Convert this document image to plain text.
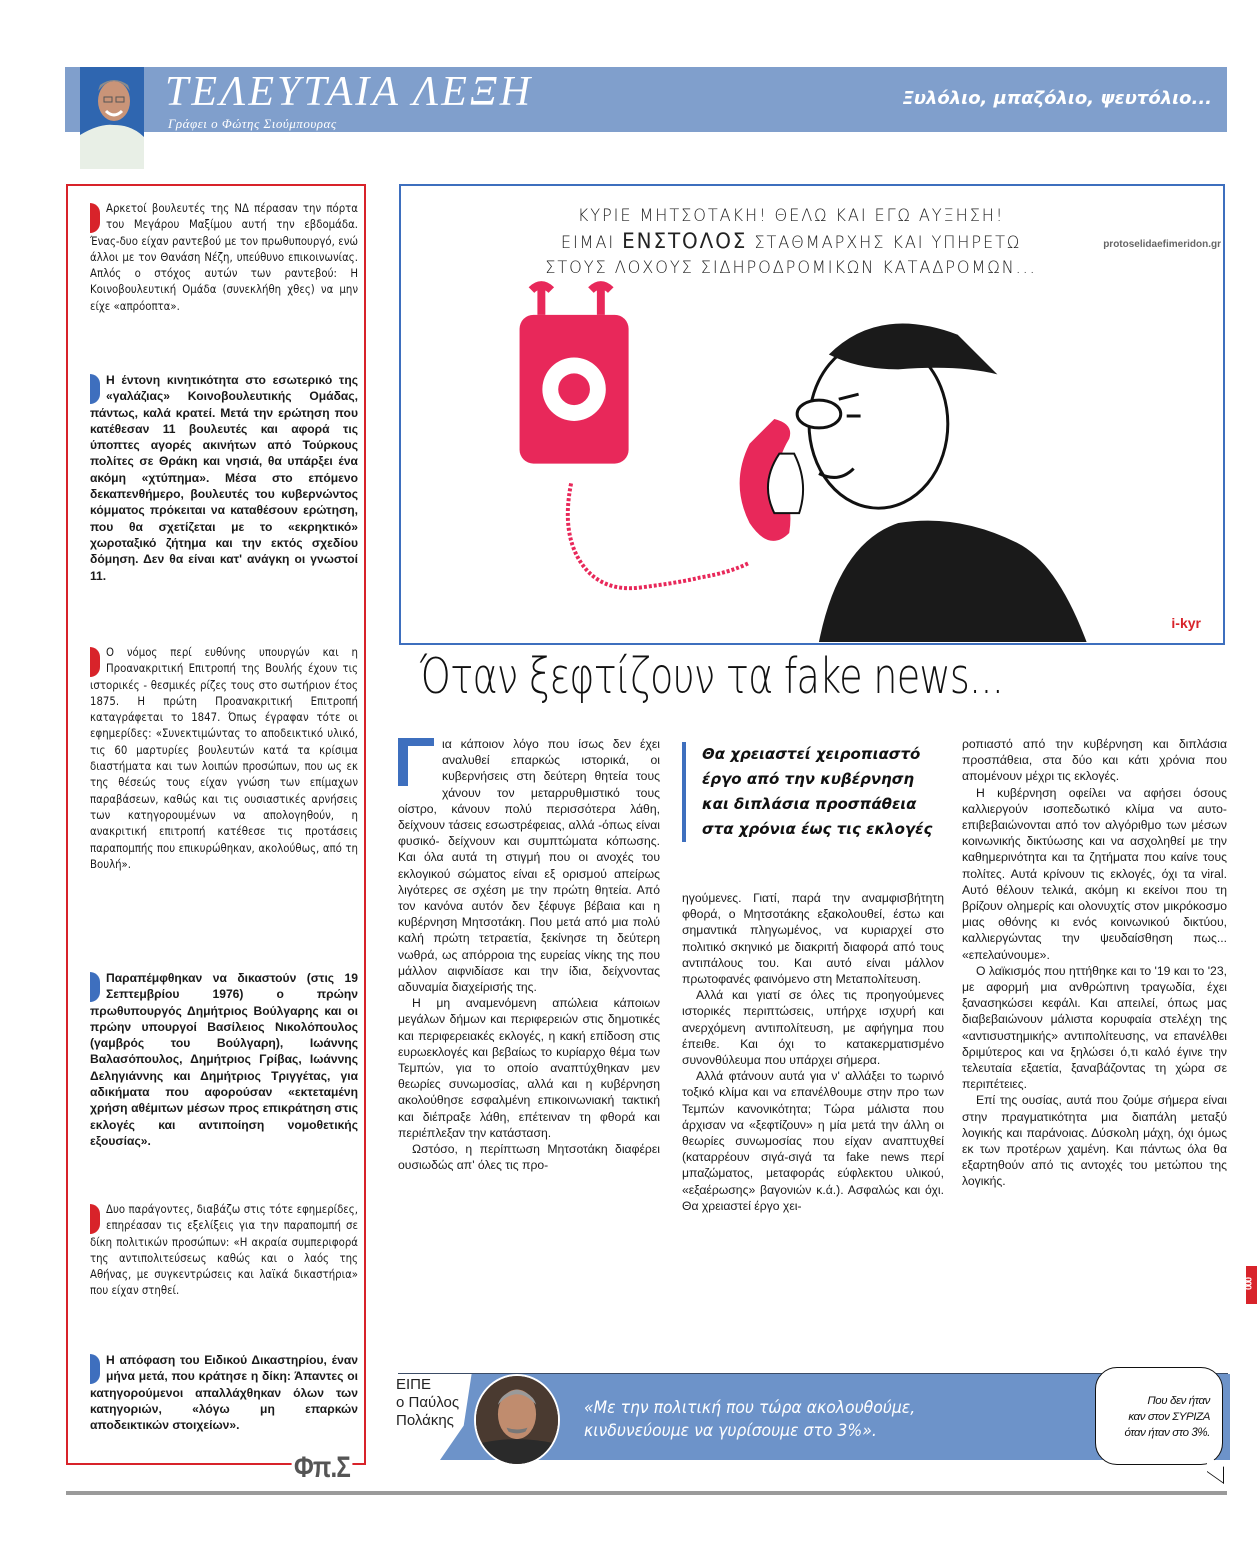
ΤΕΛΕΥΤΑΙΑ ΛΕΞΗ
Γράφει ο Φώτης Σιούμπουρας
Ξυλόλιο, μπαζόλιο, ψευτόλιο...
Αρκετοί βουλευτές της ΝΔ πέρασαν την πόρτα του Μεγάρου Μαξίμου αυτή την εβδομάδα. Ένας-δυο είχαν ραντεβού με τον πρωθυπουργό, ενώ άλλοι με τον Θανάση Νέζη, υπεύθυνο επικοινωνίας. Απλός ο στόχος αυτών των ραντεβού: Η Κοινοβουλευτική Ομάδα (συνεκλήθη χθες) να μην είχε «απρόοπτα».
Η έντονη κινητικότητα στο εσωτερικό της «γαλάζιας» Κοινοβουλευτικής Ομάδας, πάντως, καλά κρατεί. Μετά την ερώτηση που κατέθεσαν 11 βουλευτές και αφορά τις ύποπτες αγορές ακινήτων από Τούρκους πολίτες σε Θράκη και νησιά, θα υπάρξει ένα ακόμη «χτύπημα». Μέσα στο επόμενο δεκαπενθήμερο, βουλευτές του κυβερνώντος κόμματος πρόκειται να καταθέσουν ερώτηση, που θα σχετίζεται με το «εκρηκτικό» χωροταξικό ζήτημα και την εκτός σχεδίου δόμηση. Δεν θα είναι κατ' ανάγκη οι γνωστοί 11.
Ο νόμος περί ευθύνης υπουργών και η Προανακριτική Επιτροπή της Βουλής έχουν τις ιστορικές - θεσμικές ρίζες τους στο σωτήριον έτος 1875. Η πρώτη Προανακριτική Επιτροπή καταγράφεται το 1847. Όπως έγραφαν τότε οι εφημερίδες: «Συνεκτιμώντας το αποδεικτικό υλικό, τις 60 μαρτυρίες βουλευτών κατά τα κρίσιμα διαστήματα και των λοιπών προσώπων, που ως εκ της θέσεώς τους είχαν γνώση των επίμαχων παραβάσεων, καθώς και τις ουσιαστικές αρνήσεις των κατηγορουμένων να απολογηθούν, η ανακριτική επιτροπή κατέθεσε τις προτάσεις παραπομπής που επικυρώθηκαν, ακολούθως, από τη Βουλή».
Παραπέμφθηκαν να δικαστούν (στις 19 Σεπτεμβρίου 1976) ο πρώην πρωθυπουργός Δημήτριος Βούλγαρης και οι πρώην υπουργοί Βασίλειος Νικολόπουλος (γαμβρός του Βούλγαρη), Ιωάννης Βαλασόπουλος, Δημήτριος Γρίβας, Ιωάννης Δεληγιάννης και Δημήτριος Τριγγέτας, για αδικήματα που αφορούσαν «εκτεταμένη χρήση αθέμιτων μέσων προς επικράτηση στις εκλογές και αντιποίηση νομοθετικής εξουσίας».
Δυο παράγοντες, διαβάζω στις τότε εφημερίδες, επηρέασαν τις εξελίξεις για την παραπομπή σε δίκη πολιτικών προσώπων: «Η ακραία συμπεριφορά της αντιπολιτεύσεως καθώς και ο λαός της Αθήνας, με συγκεντρώσεις και λαϊκά δικαστήρια» που είχαν στηθεί.
Η απόφαση του Ειδικού Δικαστηρίου, έναν μήνα μετά, που κράτησε η δίκη: Άπαντες οι κατηγορούμενοι απαλλάχθηκαν όλων των κατηγοριών, «λόγω μη επαρκών αποδεικτικών στοιχείων».
Φπ.Σ
ΚΥΡΙΕ ΜΗΤΣΟΤΑΚΗ! ΘΕΛΩ ΚΑΙ ΕΓΩ ΑΥΞΗΣΗ!
ΕΙΜΑΙ ΕΝΣΤΟΛΟΣ ΣΤΑΘΜΑΡΧΗΣ ΚΑΙ ΥΠΗΡΕΤΩ
ΣΤΟΥΣ ΛΟΧΟΥΣ ΣΙΔΗΡΟΔΡΟΜΙΚΩΝ ΚΑΤΑΔΡΟΜΩΝ...
protoselidaefimeridon.gr
i-kyr
Όταν ξεφτίζουν τα fake news...

ια κάποιον λόγο που ίσως δεν έχει αναλυθεί επαρκώς ιστορικά, οι κυβερνήσεις στη δεύτερη θητεία τους χάνουν τον μεταρρυθμιστικό τους οίστρο, κάνουν πολύ περισσότερα λάθη, δείχνουν τάσεις εσωστρέφειας, αλλά -όπως είναι φυσικό- δείχνουν και συμπτώματα κόπωσης. Και όλα αυτά τη στιγμή που οι ανοχές του εκλογικού σώματος είναι εξ ορισμού απείρως λιγότερες σε σχέση με την πρώτη θητεία. Από τον κανόνα αυτόν δεν ξέφυγε βέβαια και η κυβέρνηση Μητσοτάκη. Που μετά από μια πολύ καλή πρώτη τετραετία, ξεκίνησε τη δεύτερη νωθρά, ως απόρροια της ευρείας νίκης της που μάλλον αιφνιδίασε και την ίδια, δείχνοντας αδυναμία διαχείρισής της.

Η μη αναμενόμενη απώλεια κάποιων μεγάλων δήμων και περιφερειών στις δημοτικές και περιφερειακές εκλογές, η κακή επίδοση στις ευρωεκλογές και βεβαίως το κυρίαρχο θέμα των Τεμπών, για το οποίο αναπτύχθηκαν μεν θεωρίες συνωμοσίας, αλλά και η κυβέρνηση ακολούθησε εσφαλμένη επικοινωνιακή τακτική και διέπραξε λάθη, επέτειναν τη φθορά και περιέπλεξαν την κατάσταση.

Ωστόσο, η περίπτωση Μητσοτάκη διαφέρει ουσιωδώς απ' όλες τις προ-

Θα χρειαστεί χειροπιαστό έργο από την κυβέρνηση και διπλάσια προσπάθεια στα χρόνια έως τις εκλογές

ηγούμενες. Γιατί, παρά την αναμφισβήτητη φθορά, ο Μητσοτάκης εξακολουθεί, έστω και σημαντικά πληγωμένος, να κυριαρχεί στο πολιτικό σκηνικό με διακριτή διαφορά από τους αντιπάλους του. Και αυτό είναι μάλλον πρωτοφανές φαινόμενο στη Μεταπολίτευση.

Αλλά και γιατί σε όλες τις προηγούμενες ιστορικές περιπτώσεις, υπήρχε ισχυρή και ανερχόμενη αντιπολίτευση, με αφήγημα που έπειθε. Και όχι το κατακερματισμένο συνονθύλευμα που υπάρχει σήμερα.

Αλλά φτάνουν αυτά για ν' αλλάξει το τωρινό τοξικό κλίμα και να επανέλθουμε στην προ των Τεμπών κανονικότητα; Τώρα μάλιστα που άρχισαν να «ξεφτίζουν» η μία μετά την άλλη οι θεωρίες συνωμοσίας που είχαν αναπτυχθεί (καταρρέουν σιγά-σιγά τα fake news περί μπαζώματος, μεταφοράς εύφλεκτου υλικού, «εξαέρωσης» βαγονιών κ.ά.). Ασφαλώς και όχι. Θα χρειαστεί έργο χει-

ροπιαστό από την κυβέρνηση και διπλάσια προσπάθεια, στα δύο και κάτι χρόνια που απομένουν μέχρι τις εκλογές.

Η κυβέρνηση οφείλει να αφήσει όσους καλλιεργούν ισοπεδωτικό κλίμα να αυτο-επιβεβαιώνονται από τον αλγόριθμο των μέσων κοινωνικής δικτύωσης και να ασχοληθεί με την καθημερινότητα και τα ζητήματα που καίνε τους πολίτες. Αυτά κρίνουν τις εκλογές, όχι τα viral. Αυτό θέλουν τελικά, ακόμη κι εκείνοι που τη βρίζουν ολημερίς και ολονυχτίς στον μικρόκοσμο μιας οθόνης κι ενός κοινωνικού δικτύου, καλλιεργώντας την ψευδαίσθηση πως... «επελαύνουμε».

Ο λαϊκισμός που ηττήθηκε και το '19 και το '23, με αφορμή μια ανθρώπινη τραγωδία, έχει ξανασηκώσει κεφάλι. Και απειλεί, όπως μας διαβεβαιώνουν μάλιστα κορυφαία στελέχη της «αντισυστημικής» αντιπολίτευσης, να επανέλθει δριμύτερος και να ξηλώσει ό,τι καλό έγινε την τελευταία εξαετία, ξαναβάζοντας τη χώρα σε περιπέτειες.

Επί της ουσίας, αυτά που ζούμε σήμερα είναι στην πραγματικότητα μια διαπάλη μεταξύ λογικής και παράνοιας. Δύσκολη μάχη, όχι όμως εκ των προτέρων χαμένη. Και πάντως όλα θα εξαρτηθούν από τις αντοχές του μετώπου της λογικής.

ΕΙΠΕ
ο Παύλος
Πολάκης
«Με την πολιτική που τώρα ακολουθούμε,
κινδυνεύουμε να γυρίσουμε στο 3%».
Που δεν ήταν
καν στον ΣΥΡΙΖΑ
όταν ήταν στο 3%.
000
